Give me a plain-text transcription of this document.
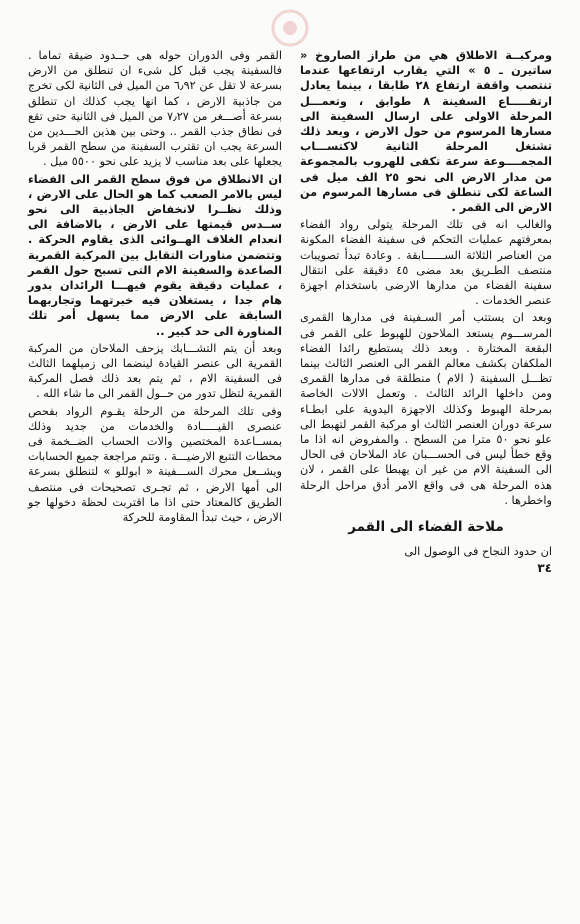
ومركبــة الاطلاق هي من طراز الصاروخ « ساتيرن ـ ٥ » التي يقارب ارتفاعها عندما تنتصب واقفة ارتفاع ٢٨ طابقا ، بينما يعادل ارتفـــــاع السفينة ٨ طوابق ، وتعمـــل المرحلة الاولى على ارسال السفينة الى مسارها المرسوم من حول الارض ، وبعد ذلك تشتغل المرحلة الثانية لاكتســـاب المجمــــوعة سرعة تكفى للهروب بالمجموعة من مدار الارض الى نحو ٢٥ الف ميل فى الساعة لكى تنطلق فى مسارها المرسوم من الارض الى القمر .

والغالب انه فى تلك المرحلة يتولى رواد الفضاء بمعرفتهم عمليات التحكم فى سفينة الفضاء المكونة من العناصر الثلاثة الســــــابقة . وعادة تبدأ تصويبات منتصف الطـريق بعد مضى ٤٥ دقيقة على انتقال سفينة الفضاء من مدارها الارضى باستخدام اجهزة عنصر الخدمات .

وبعد ان يستتب أمر السـفينة فى مدارها القمرى المرســـوم يستعد الملاحون للهبوط على القمر فى البقعة المختارة . وبعد ذلك يستطيع رائدا الفضاء الملكفان بكشف معالم القمر الى العنصر الثالث بينما تظـــل السفينة ( الام ) منطلقة فى مدارها القمرى ومن داخلها الرائد الثالث . وتعمل الالات الخاصة بمرحلة الهبوط وكذلك الاجهزة اليدوية على ابطـاء سرعة دوران العنصر الثالث او مركبة القمر لتهبط الى علو نحو ٥٠ مترا من السطح . والمفروض انه اذا ما وقع خطأ ليس فى الحســـبان عاد الملاحان فى الحال الى السفينة الام من غير ان يهبطا على القمر ، لان هذه المرحلة هى فى واقع الامر أدق مراحل الرحلة واخطرها .

ملاحة الفضاء الى القمر

ان حدود النجاح فى الوصول الى

٣٤

القمر وفى الدوران حوله هى حــدود ضيقة تماما . فالسفينة يجب قبل كل شىء ان تنطلق من الارض بسرعة لا تقل عن ٦٫٩٢ من الميل فى الثانية لكى تخرج من جاذبية الارض ، كما انها يجب كذلك ان تنطلق بسرعة أصـــغر من ٧٫٢٧ من الميل فى الثانية حتى تقع فى نطاق جذب القمر .. وحتى بين هذين الحـــدين من السرعة يجب ان تقترب السفينة من سطح القمر قربا يجعلها على بعد مناسب لا يزيد على نحو ٥٥٠٠ ميل .

ان الانطلاق من فوق سطح القمر الى الفضاء ليس بالامر الصعب كما هو الحال على الارض ، وذلك نظــرا لانخفاض الجاذبية الى نحو ســدس قيمتها على الارض ، بالاضافة الى انعدام الغلاف الهــوائى الذى يقاوم الحركة . وتتضمن مناورات التقابل بين المركبة القمرية الصاعدة والسفينة الام التى تسبح حول القمر ، عمليات دقيقة يقوم فيهـــا الرائدان بدور هام جدا ، يستغلان فيه خبرتهما وتجاربهما السابقة على الارض مما يسهل أمر تلك المناورة الى حد كبير ..

وبعد أن يتم التشـــابك يزحف الملاحان من المركبة القمرية الى عنصر القيادة لينضما الى زميلهما الثالث فى السفينة الام ، ثم يتم بعد ذلك فصل المركبة القمرية لتظل تدور من حــول القمر الى ما شاء الله .

وفى تلك المرحلة من الرحلة يقـوم الرواد بفحص عنصرى القيـــــادة والخدمات من جديد وذلك بمســاعدة المختصين والات الحساب الضــخمة فى محطات التتبع الارضيـــة . وتتم مراجعة جميع الحسابات ويشــعل محرك الســـفينة « ابوللو » لتنطلق بسرعة الى أمها الارض ، ثم تجـرى تصحيحات فى منتصف الطريق كالمعتاد حتى اذا ما اقتربت لحظة دخولها جو الارض ، حيث تبدأ المقاومة للحركة
